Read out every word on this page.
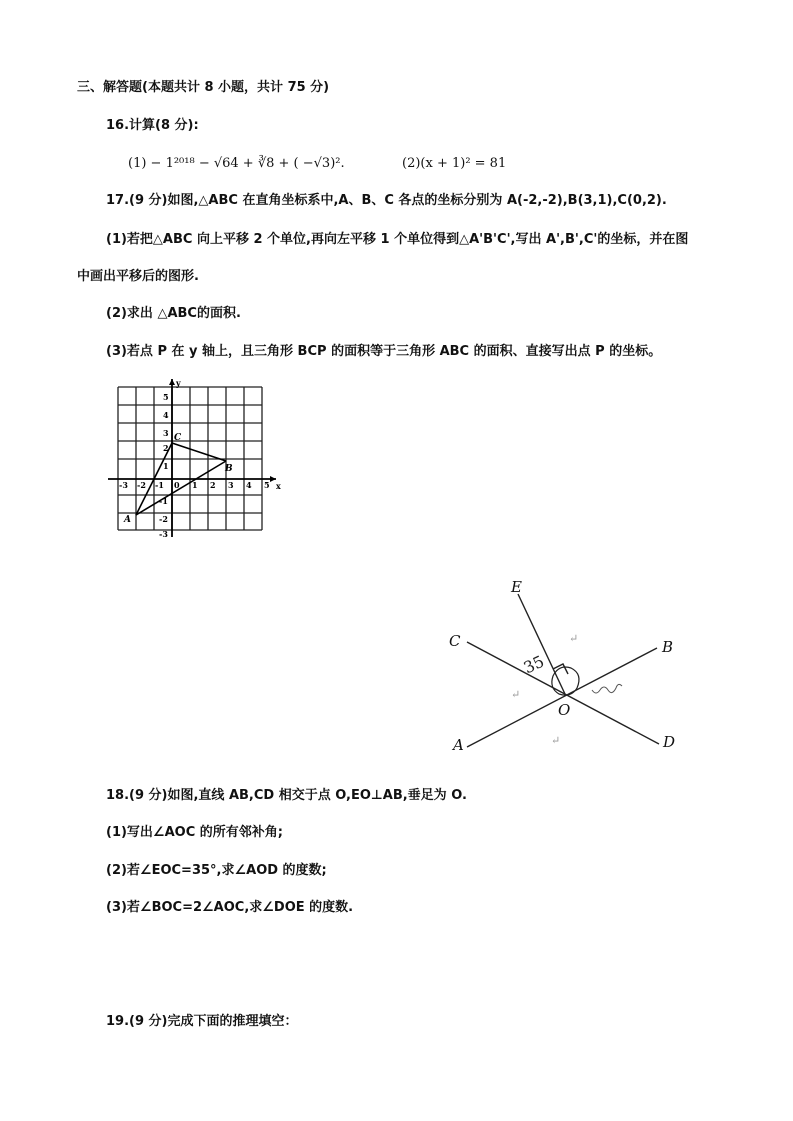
三、解答题(本题共计 8 小题，共计 75 分)
16.计算(8 分):
(1) − 1²⁰¹⁸ − √64 + ∛8 + ( −√3)².	(2)(x + 1)² = 81
17.(9 分)如图,△ABC 在直角坐标系中,A、B、C 各点的坐标分别为 A(-2,-2),B(3,1),C(0,2).
(1)若把△ABC 向上平移 2 个单位,再向左平移 1 个单位得到△A'B'C',写出 A',B',C'的坐标，并在图
中画出平移后的图形.
(2)求出 △ABC的面积.
(3)若点 P 在 y 轴上，且三角形 BCP 的面积等于三角形 ABC 的面积、直接写出点 P 的坐标。
x
y
-3 -2 -1 0 1 2 3 4 5
5
4
3
2
1
-1
-2
-3
A
B
C
E
C	B
A	D
O
35
↵
↵
↵
18.(9 分)如图,直线 AB,CD 相交于点 O,EO⊥AB,垂足为 O.
(1)写出∠AOC 的所有邻补角;
(2)若∠EOC=35°,求∠AOD 的度数;
(3)若∠BOC=2∠AOC,求∠DOE 的度数.
19.(9 分)完成下面的推理填空：
